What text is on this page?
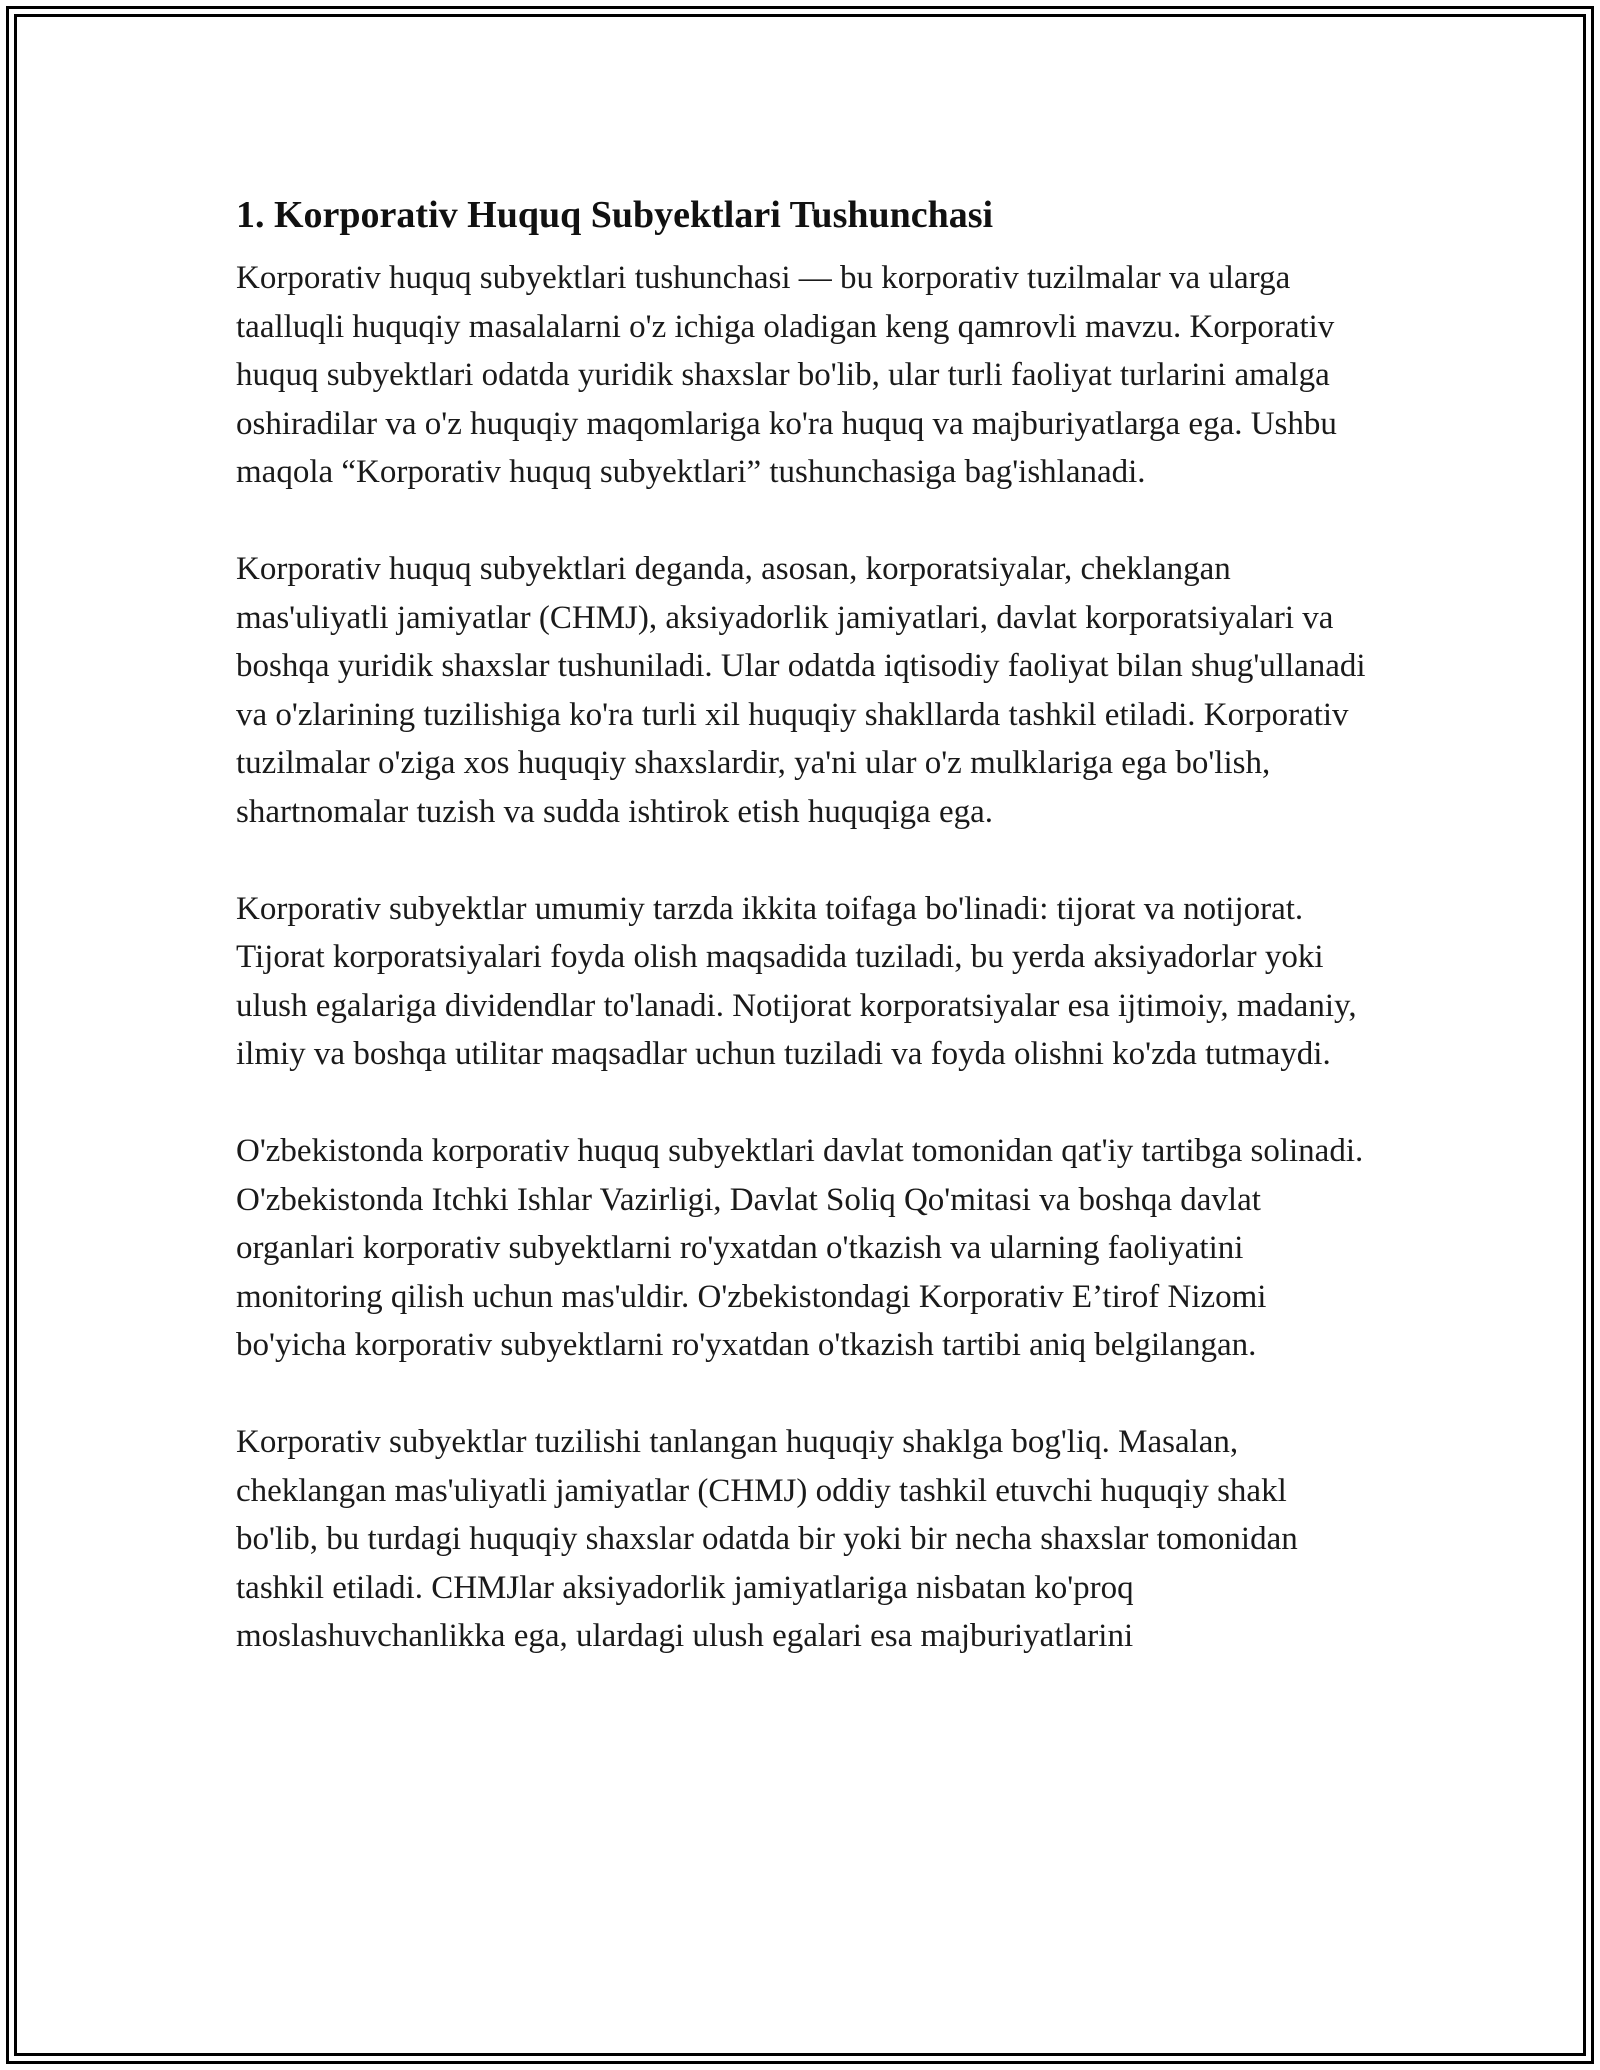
1. Korporativ Huquq Subyektlari Tushunchasi

Korporativ huquq subyektlari tushunchasi — bu korporativ tuzilmalar va ularga taalluqli huquqiy masalalarni o'z ichiga oladigan keng qamrovli mavzu. Korporativ huquq subyektlari odatda yuridik shaxslar bo'lib, ular turli faoliyat turlarini amalga oshiradilar va o'z huquqiy maqomlariga ko'ra huquq va majburiyatlarga ega. Ushbu maqola “Korporativ huquq subyektlari” tushunchasiga bag'ishlanadi.

Korporativ huquq subyektlari deganda, asosan, korporatsiyalar, cheklangan mas'uliyatli jamiyatlar (CHMJ), aksiyadorlik jamiyatlari, davlat korporatsiyalari va boshqa yuridik shaxslar tushuniladi. Ular odatda iqtisodiy faoliyat bilan shug'ullanadi va o'zlarining tuzilishiga ko'ra turli xil huquqiy shakllarda tashkil etiladi. Korporativ tuzilmalar o'ziga xos huquqiy shaxslardir, ya'ni ular o'z mulklariga ega bo'lish, shartnomalar tuzish va sudda ishtirok etish huquqiga ega.

Korporativ subyektlar umumiy tarzda ikkita toifaga bo'linadi: tijorat va notijorat. Tijorat korporatsiyalari foyda olish maqsadida tuziladi, bu yerda aksiyadorlar yoki ulush egalariga dividendlar to'lanadi. Notijorat korporatsiyalar esa ijtimoiy, madaniy, ilmiy va boshqa utilitar maqsadlar uchun tuziladi va foyda olishni ko'zda tutmaydi.

O'zbekistonda korporativ huquq subyektlari davlat tomonidan qat'iy tartibga solinadi. O'zbekistonda Itchki Ishlar Vazirligi, Davlat Soliq Qo'mitasi va boshqa davlat organlari korporativ subyektlarni ro'yxatdan o'tkazish va ularning faoliyatini monitoring qilish uchun mas'uldir. O'zbekistondagi Korporativ E’tirof Nizomi bo'yicha korporativ subyektlarni ro'yxatdan o'tkazish tartibi aniq belgilangan.

Korporativ subyektlar tuzilishi tanlangan huquqiy shaklga bog'liq. Masalan, cheklangan mas'uliyatli jamiyatlar (CHMJ) oddiy tashkil etuvchi huquqiy shakl bo'lib, bu turdagi huquqiy shaxslar odatda bir yoki bir necha shaxslar tomonidan tashkil etiladi. CHMJlar aksiyadorlik jamiyatlariga nisbatan ko'proq moslashuvchanlikka ega, ulardagi ulush egalari esa majburiyatlarini
